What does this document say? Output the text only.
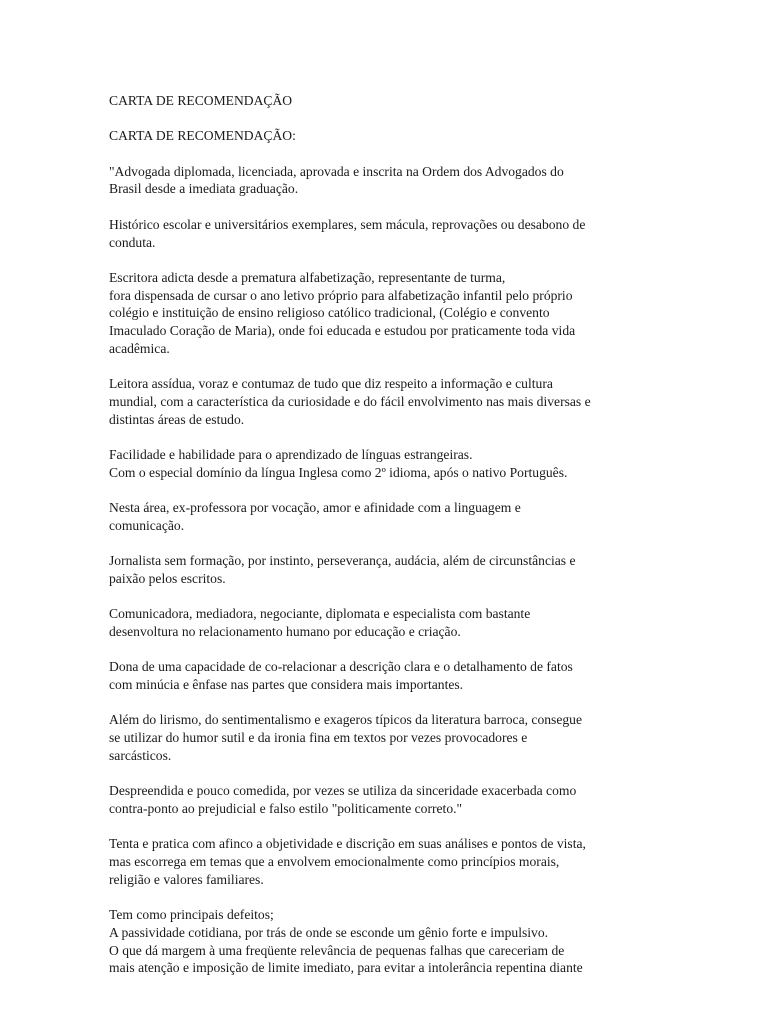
CARTA DE RECOMENDAÇÃO
CARTA DE RECOMENDAÇÃO:
"Advogada diplomada, licenciada, aprovada e inscrita na Ordem dos Advogados do
Brasil desde a imediata graduação.
Histórico escolar e universitários exemplares, sem mácula, reprovações ou desabono de
conduta.
Escritora adicta desde a prematura alfabetização, representante de turma,
fora dispensada de cursar o ano letivo próprio para alfabetização infantil pelo próprio
colégio e instituição de ensino religioso católico tradicional, (Colégio e convento
Imaculado Coração de Maria), onde foi educada e estudou por praticamente toda vida
acadêmica.
Leitora assídua, voraz e contumaz de tudo que diz respeito a informação e cultura
mundial, com a característica da curiosidade e do fácil envolvimento nas mais diversas e
distintas áreas de estudo.
Facilidade e habilidade para o aprendizado de línguas estrangeiras.
Com o especial domínio da língua Inglesa como 2º idioma, após o nativo Português.
Nesta área, ex-professora por vocação, amor e afinidade com a linguagem e
comunicação.
Jornalista sem formação, por instinto, perseverança, audácia, além de circunstâncias e
paixão pelos escritos.
Comunicadora, mediadora, negociante, diplomata e especialista com bastante
desenvoltura no relacionamento humano por educação e criação.
Dona de uma capacidade de co-relacionar a descrição clara e o detalhamento de fatos
com minúcia e ênfase nas partes que considera mais importantes.
Além do lirismo, do sentimentalismo e exageros típicos da literatura barroca, consegue
se utilizar do humor sutil e da ironia fina em textos por vezes provocadores e
sarcásticos.
Despreendida e pouco comedida, por vezes se utiliza da sinceridade exacerbada como
contra-ponto ao prejudicial e falso estilo "politicamente correto."
Tenta e pratica com afinco a objetividade e discrição em suas análises e pontos de vista,
mas escorrega em temas que a envolvem emocionalmente como princípios morais,
religião e valores familiares.
Tem como principais defeitos;
A passividade cotidiana, por trás de onde se esconde um gênio forte e impulsivo.
O que dá margem à uma freqüente relevância de pequenas falhas que careceriam de
mais atenção e imposição de limite imediato, para evitar a intolerância repentina diante
